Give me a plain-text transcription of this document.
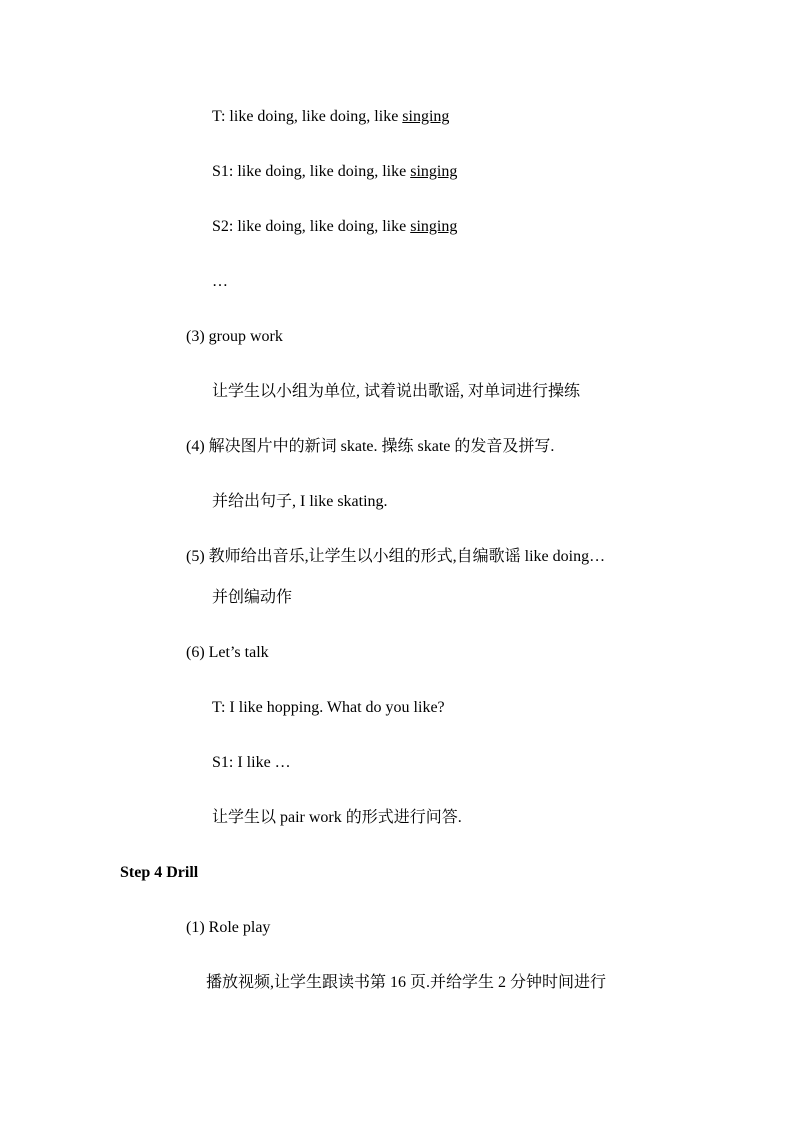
T: like doing, like doing, like singing
S1: like doing, like doing, like singing
S2: like doing, like doing, like singing
…
(3) group work
让学生以小组为单位, 试着说出歌谣, 对单词进行操练
(4) 解决图片中的新词 skate. 操练 skate 的发音及拼写.
并给出句子, I like skating.
(5) 教师给出音乐,让学生以小组的形式,自编歌谣 like doing…
并创编动作
(6) Let’s talk
T: I like hopping. What do you like?
S1: I like …
让学生以 pair work 的形式进行问答.
Step 4 Drill
(1) Role play
播放视频,让学生跟读书第 16 页.并给学生 2 分钟时间进行
